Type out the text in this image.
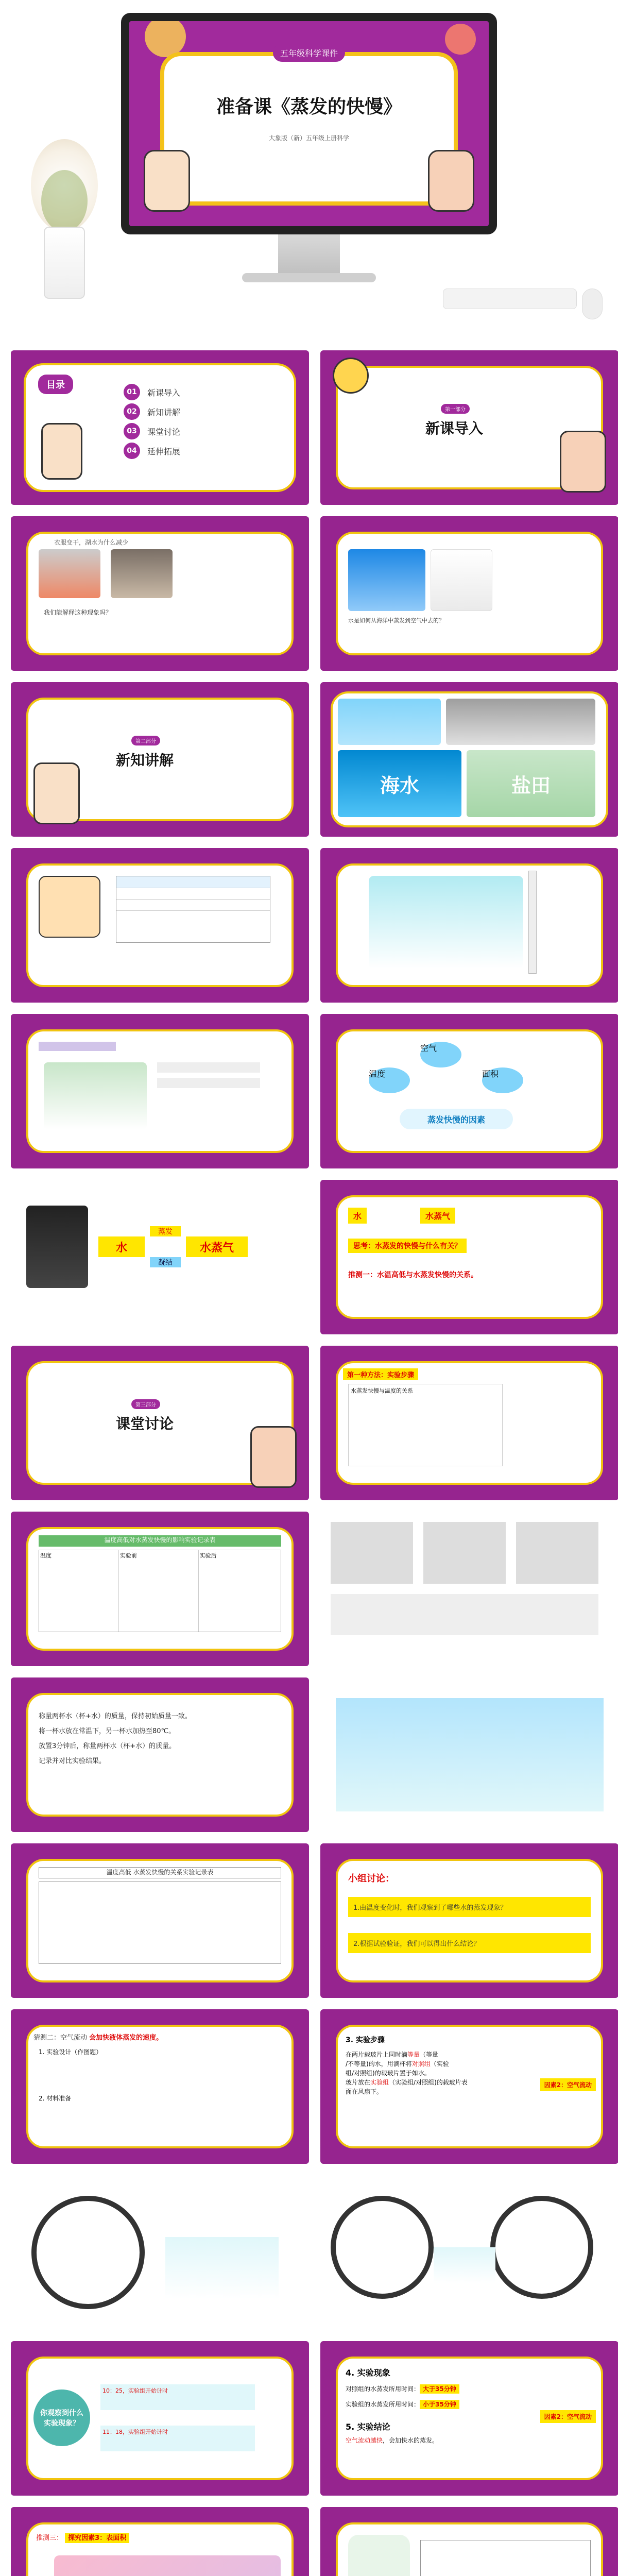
五年级科学课件
准备课《蒸发的快慢》
大象版（新）五年级上册科学
目录
01	新课导入
02	新知讲解
03	课堂讨论
04	延伸拓展
第一部分
新课导入
衣服变干，湖水为什么减少
我们能解释这种现象吗？
水是如何从海洋中蒸发到空气中去的？
第二部分
新知讲解
海水	盐田
空气
温度	面积
蒸发快慢的因素
水
蒸发
凝结
水蒸气
水	水蒸气
思考：水蒸发的快慢与什么有关？
推测一：水温高低与水蒸发快慢的关系。
第三部分
课堂讨论
第一种方法：实验步骤
水蒸发快慢与温度的关系
温度高低对水蒸发快慢的影响实验记录表
温度	实验前	实验后
称量两杯水（杯+水）的质量，保持初始质量一致。
将一杯水放在常温下，另一杯水加热至80℃。
放置3分钟后，称量两杯水（杯+水）的质量。
记录并对比实验结果。
温度高低 水蒸发快慢的关系实验记录表
小组讨论：
1.由温度变化时，我们观察到了哪些水的蒸发现象？
2.根据试验验证，我们可以得出什么结论？
猜测二：空气流动 会加快液体蒸发的速度。
1. 实验设计（作图题）
2. 材料准备
3. 实验步骤
在两片载玻片上同时滴等量（等量
/不等量)的水，用滴杯将对照组（实验
组/对照组)的载玻片置于如水。
玻片放在实验组（实验组/对照组)的载玻片表
面在风扇下。
因素2：空气流动
你观察到什么实验现象？
10：25，实验组开始计时
11：18，实验组开始计时
4. 实验现象
对照组的水蒸发所用时间： 大于35分钟
实验组的水蒸发所用时间： 小于35分钟
5. 实验结论
空气流动越快，会加快水的蒸发。
因素2：空气流动
推测三： 探究因素3：表面积
